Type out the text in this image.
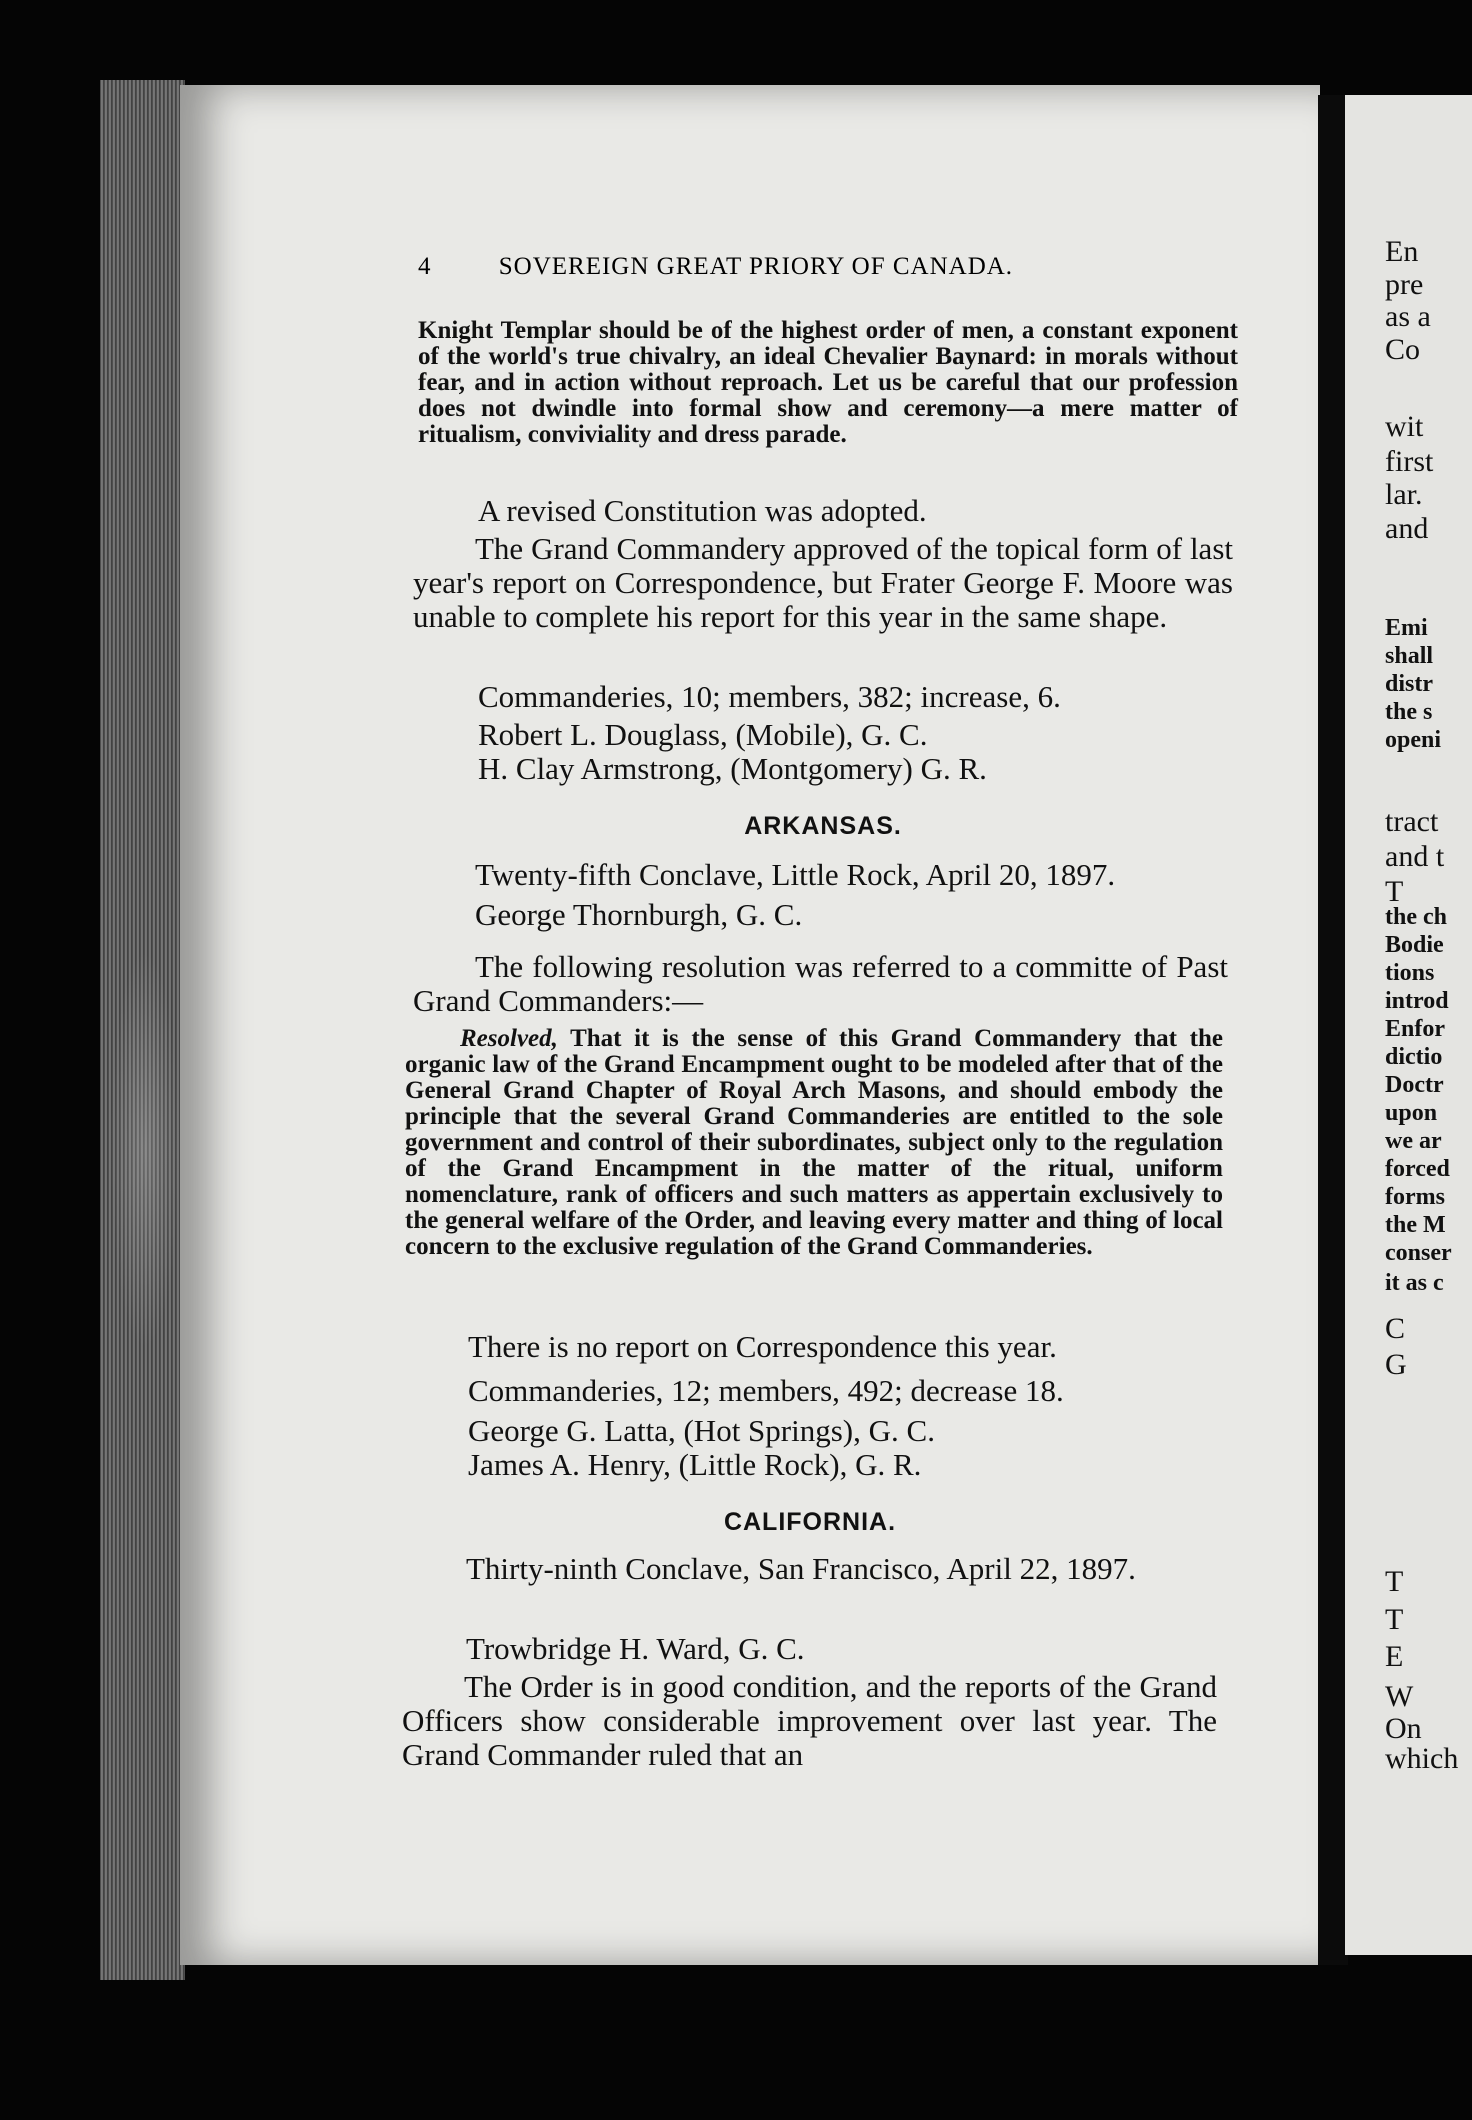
En
pre
as a
Co
wit
first
lar.
and
Emi
shall
distr
the s
openi
tract
and t
T
the ch
Bodie
tions
introd
Enfor
dictio
Doctr
upon
we ar
forced
forms
the M
conser
it as c
C
G
T
T
E
W
On
which
4	SOVEREIGN GREAT PRIORY OF CANADA.
Knight Templar should be of the highest order of men, a constant exponent of the world's true chivalry, an ideal Chevalier Baynard: in morals without fear, and in action without reproach. Let us be careful that our profession does not dwindle into formal show and ceremony—a mere matter of ritualism, conviviality and dress parade.
A revised Constitution was adopted.
The Grand Commandery approved of the topical form of last year's report on Correspondence, but Frater George F. Moore was unable to complete his report for this year in the same shape.
Commanderies, 10; members, 382; increase, 6.
Robert L. Douglass, (Mobile), G. C.
H. Clay Armstrong, (Montgomery) G. R.
ARKANSAS.
Twenty-fifth Conclave, Little Rock, April 20, 1897.
George Thornburgh, G. C.
The following resolution was referred to a committe of Past Grand Commanders:—
Resolved, That it is the sense of this Grand Commandery that the organic law of the Grand Encampment ought to be modeled after that of the General Grand Chapter of Royal Arch Masons, and should embody the principle that the several Grand Commanderies are entitled to the sole government and control of their subordinates, subject only to the regulation of the Grand Encampment in the matter of the ritual, uniform nomenclature, rank of officers and such matters as appertain exclusively to the general welfare of the Order, and leaving every matter and thing of local concern to the exclusive regulation of the Grand Commanderies.
There is no report on Correspondence this year.
Commanderies, 12; members, 492; decrease 18.
George G. Latta, (Hot Springs), G. C.
James A. Henry, (Little Rock), G. R.
CALIFORNIA.
Thirty-ninth Conclave, San Francisco, April 22, 1897.
Trowbridge H. Ward, G. C.
The Order is in good condition, and the reports of the Grand Officers show considerable improvement over last year. The Grand Commander ruled that an
